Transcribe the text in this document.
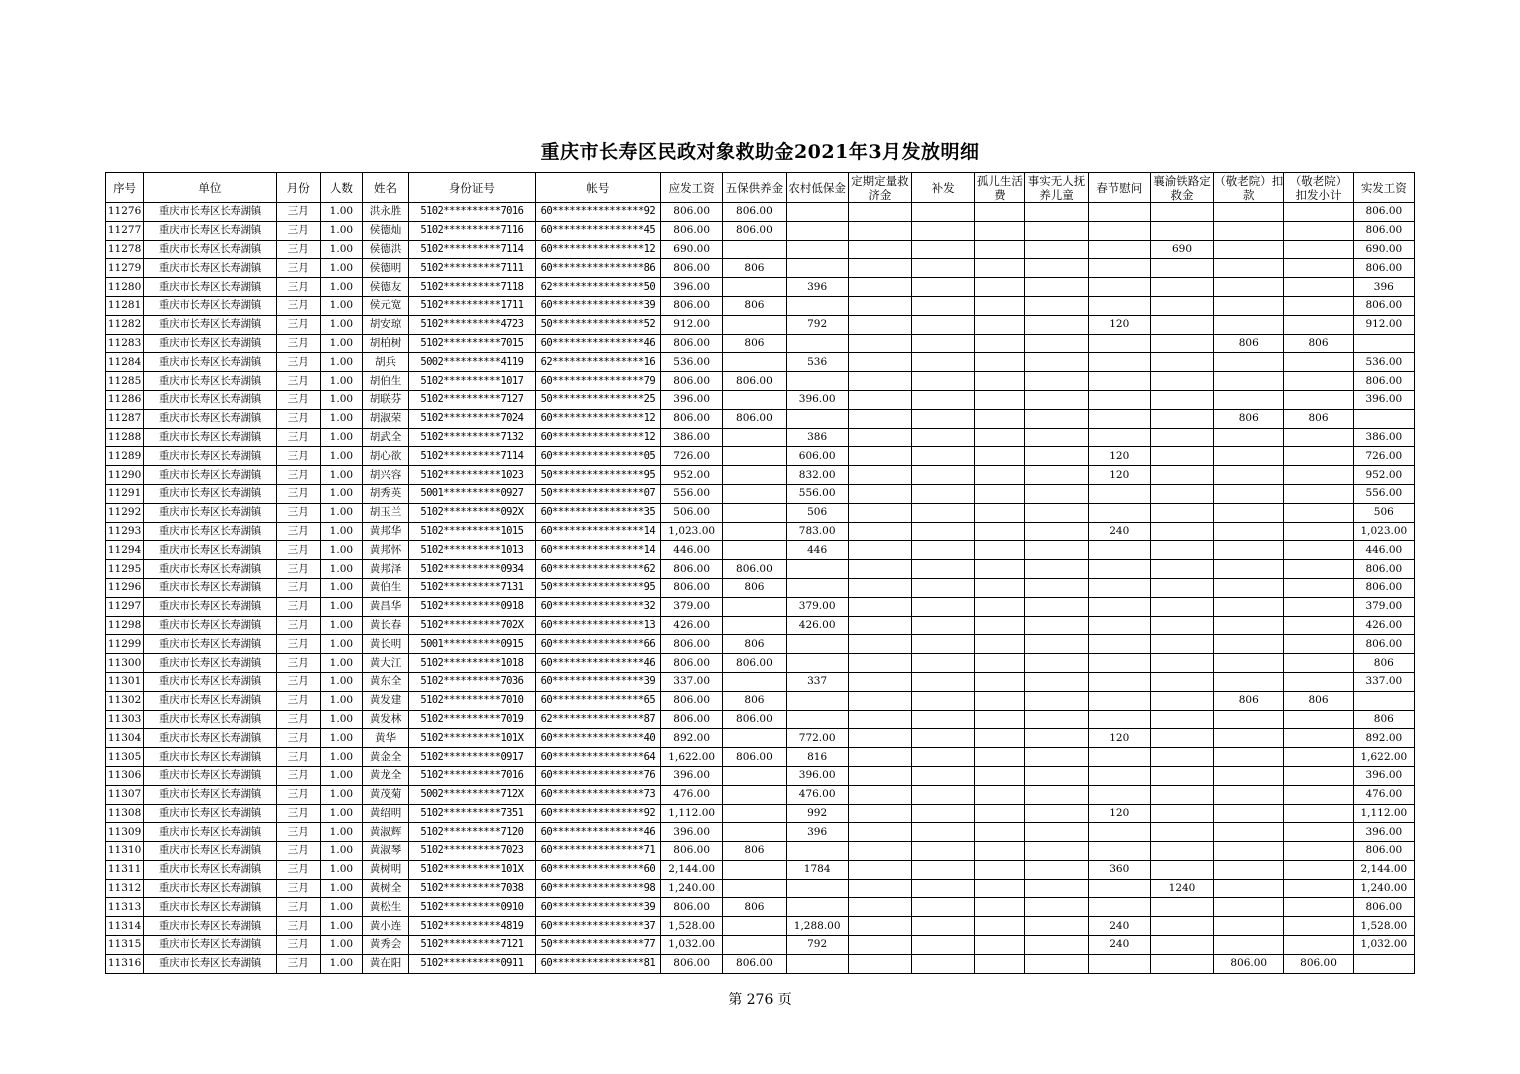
重庆市长寿区民政对象救助金2021年3月发放明细
序号	单位	月份	人数	姓名	身份证号	帐号	应发工资	五保供养金	农村低保金	定期定量救济金	补发	孤儿生活费	事实无人抚养儿童	春节慰问	襄渝铁路定救金	（敬老院）扣款	（敬老院）扣发小计	实发工资
11276	重庆市长寿区长寿湖镇	三月	1.00	洪永胜	5102**********7016	60****************92	806.00	806.00										806.00
11277	重庆市长寿区长寿湖镇	三月	1.00	侯德灿	5102**********7116	60****************45	806.00	806.00										806.00
11278	重庆市长寿区长寿湖镇	三月	1.00	侯德洪	5102**********7114	60****************12	690.00								690			690.00
11279	重庆市长寿区长寿湖镇	三月	1.00	侯德明	5102**********7111	60****************86	806.00	806										806.00
11280	重庆市长寿区长寿湖镇	三月	1.00	侯德友	5102**********7118	62****************50	396.00		396									396
11281	重庆市长寿区长寿湖镇	三月	1.00	侯元宽	5102**********1711	60****************39	806.00	806										806.00
11282	重庆市长寿区长寿湖镇	三月	1.00	胡安琼	5102**********4723	50****************52	912.00		792					120				912.00
11283	重庆市长寿区长寿湖镇	三月	1.00	胡柏树	5102**********7015	60****************46	806.00	806								806	806	
11284	重庆市长寿区长寿湖镇	三月	1.00	胡兵	5002**********4119	62****************16	536.00		536									536.00
11285	重庆市长寿区长寿湖镇	三月	1.00	胡伯生	5102**********1017	60****************79	806.00	806.00										806.00
11286	重庆市长寿区长寿湖镇	三月	1.00	胡联芬	5102**********7127	50****************25	396.00		396.00									396.00
11287	重庆市长寿区长寿湖镇	三月	1.00	胡淑荣	5102**********7024	60****************12	806.00	806.00								806	806	
11288	重庆市长寿区长寿湖镇	三月	1.00	胡武全	5102**********7132	60****************12	386.00		386									386.00
11289	重庆市长寿区长寿湖镇	三月	1.00	胡心欲	5102**********7114	60****************05	726.00		606.00					120				726.00
11290	重庆市长寿区长寿湖镇	三月	1.00	胡兴容	5102**********1023	50****************95	952.00		832.00					120				952.00
11291	重庆市长寿区长寿湖镇	三月	1.00	胡秀英	5001**********0927	50****************07	556.00		556.00									556.00
11292	重庆市长寿区长寿湖镇	三月	1.00	胡玉兰	5102**********092X	60****************35	506.00		506									506
11293	重庆市长寿区长寿湖镇	三月	1.00	黄邦华	5102**********1015	60****************14	1,023.00		783.00					240				1,023.00
11294	重庆市长寿区长寿湖镇	三月	1.00	黄邦怀	5102**********1013	60****************14	446.00		446									446.00
11295	重庆市长寿区长寿湖镇	三月	1.00	黄邦泽	5102**********0934	60****************62	806.00	806.00										806.00
11296	重庆市长寿区长寿湖镇	三月	1.00	黄伯生	5102**********7131	50****************95	806.00	806										806.00
11297	重庆市长寿区长寿湖镇	三月	1.00	黄昌华	5102**********0918	60****************32	379.00		379.00									379.00
11298	重庆市长寿区长寿湖镇	三月	1.00	黄长春	5102**********702X	60****************13	426.00		426.00									426.00
11299	重庆市长寿区长寿湖镇	三月	1.00	黄长明	5001**********0915	60****************66	806.00	806										806.00
11300	重庆市长寿区长寿湖镇	三月	1.00	黄大江	5102**********1018	60****************46	806.00	806.00										806
11301	重庆市长寿区长寿湖镇	三月	1.00	黄东全	5102**********7036	60****************39	337.00		337									337.00
11302	重庆市长寿区长寿湖镇	三月	1.00	黄发建	5102**********7010	60****************65	806.00	806								806	806	
11303	重庆市长寿区长寿湖镇	三月	1.00	黄发林	5102**********7019	62****************87	806.00	806.00										806
11304	重庆市长寿区长寿湖镇	三月	1.00	黄华	5102**********101X	60****************40	892.00		772.00					120				892.00
11305	重庆市长寿区长寿湖镇	三月	1.00	黄金全	5102**********0917	60****************64	1,622.00	806.00	816									1,622.00
11306	重庆市长寿区长寿湖镇	三月	1.00	黄龙全	5102**********7016	60****************76	396.00		396.00									396.00
11307	重庆市长寿区长寿湖镇	三月	1.00	黄茂菊	5002**********712X	60****************73	476.00		476.00									476.00
11308	重庆市长寿区长寿湖镇	三月	1.00	黄绍明	5102**********7351	60****************92	1,112.00		992					120				1,112.00
11309	重庆市长寿区长寿湖镇	三月	1.00	黄淑辉	5102**********7120	60****************46	396.00		396									396.00
11310	重庆市长寿区长寿湖镇	三月	1.00	黄淑琴	5102**********7023	60****************71	806.00	806										806.00
11311	重庆市长寿区长寿湖镇	三月	1.00	黄树明	5102**********101X	60****************60	2,144.00		1784					360				2,144.00
11312	重庆市长寿区长寿湖镇	三月	1.00	黄树全	5102**********7038	60****************98	1,240.00								1240			1,240.00
11313	重庆市长寿区长寿湖镇	三月	1.00	黄松生	5102**********0910	60****************39	806.00	806										806.00
11314	重庆市长寿区长寿湖镇	三月	1.00	黄小连	5102**********4819	60****************37	1,528.00		1,288.00					240				1,528.00
11315	重庆市长寿区长寿湖镇	三月	1.00	黄秀会	5102**********7121	50****************77	1,032.00		792					240				1,032.00
11316	重庆市长寿区长寿湖镇	三月	1.00	黄在阳	5102**********0911	60****************81	806.00	806.00								806.00	806.00	
第 276 页
